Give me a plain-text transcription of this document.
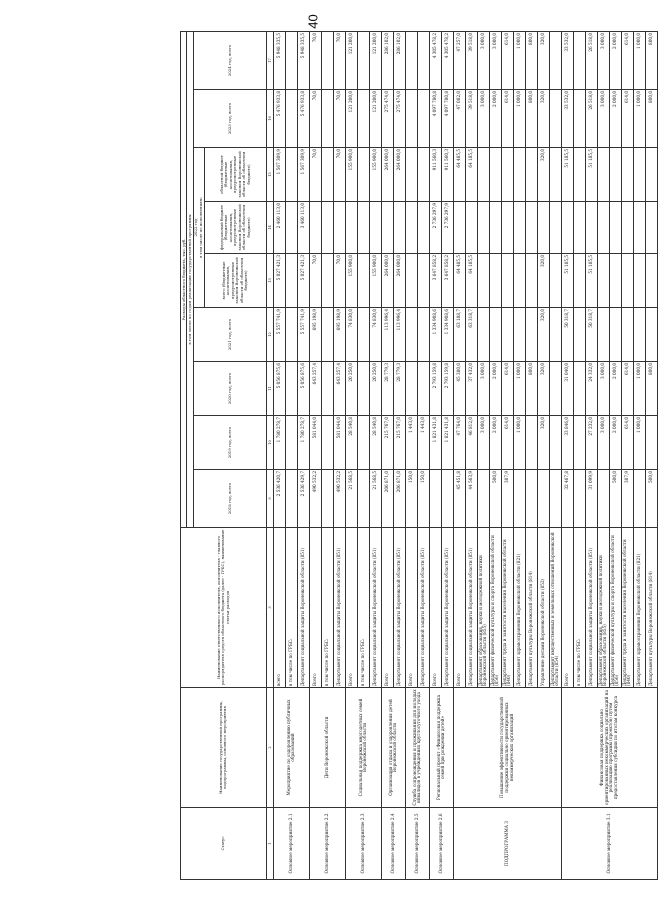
40
Статус	Наименование государственной программы, подпрограммы, основного мероприятия	Наименование ответственного исполнителя, исполнителя - главного распорядителя средств областного бюджета (далее - ГРБС), наименование статьи расходов	Расходы областного бюджета, тыс. руб.								
			в том числе по годам реализации государственной программы								
			2018 год, всего	2019 год, всего	2020 год, всего	2021 год, всего	2022 год в том числе по исполнениям:			2023 год, всего	2024 год, всего
							всего (бюджетные ассигнования, предусмотренные законом Воронежской области об областном бюджете)	федеральный бюджет (бюджетные ассигнования, предусмотренные законом Воронежской области об областном бюджете)	областной бюджет (бюджетные ассигнования, предусмотренные законом Воронежской области об областном бюджете)		
1	2	3	9	10	11	12	13	14	15	16	17
Основное мероприятие 2.1	Мероприятие по оздоровлению публичных образований	всего	2 536 420,7	1 780 278,7	5 056 875,6	5 557 741,9	5 027 421,3	2 460 113,0	1 567 309,9	5 476 933,8	5 948 335,5
		в том числе по ГРБС:									
		Департамент социальной защиты Воронежской области (851)	2 536 429,7	1 780 278,7	5 056 875,6	5 557 741,9	5 027 421,3	3 460 113,0	1 567 309,9	5 476 933,8	5 948 335,5
Основное мероприятие 2.2	Дети Воронежской области	Всего	490 532,2	581 044,0	643 257,4	695 198,9	70,0		70,0	70,0	70,0
		в том числе по ГРБС:									
		Департамент социальной защиты Воронежской области (851)	490 532,2	581 044,0	643 257,4	695 198,9	70,0		70,0	70,0	70,0
Основное мероприятие 2.3	Социальная поддержка многодетных семей Воронежской области	Всего	21 568,5	28 540,8	20 250,0	74 830,0	155 900,0		155 900,0	121 200,0	121 200,0
		в том числе по ГРБС:									
		Департамент социальной защиты Воронежской области (851)	21 568,5	28 540,8	20 250,0	74 830,0	155 900,0		155 900,0	121 200,0	121 200,0
Основное мероприятие 2.4	Организация отдыха и оздоровления детей Воронежской области	Всего	206 871,0	215 767,0	28 779,3	113 996,4	264 000,0		264 000,0	275 474,0	286 102,0
		Департамент социальной защиты Воронежской области (851)	206 871,0	215 767,0	28 779,3	113 996,4	264 000,0		264 000,0	275 474,0	286 102,0
Основное мероприятие 2.5	Служба сопровождения и проживания для молодых инвалидов в учреждениях круглосуточного ухода	Всего	150,0	1 443,0							
		Департамент социальной защиты Воронежской области (851)	150,0	1 443,0							
Основное мероприятие 2.6	Региональный проект «Финансовая поддержка семей при рождении детей»	Всего		1 821 431,8	2 793 159,8	1 334 908,6	3 647 858,2	2 736 297,9	911 560,3	4 097 780,8	4 305 478,2
		Департамент социальной защиты Воронежской области (851)		1 821 431,8	2 793 159,8	1 334 908,6	3 647 858,2	2 736 297,9	911 560,3	4 097 780,8	4 305 478,2
ПОДПРОГРАММА 3	Повышение эффективности государственной поддержки социально ориентированных некоммерческих организаций	Всего	45 451,8	47 764,0	45 380,0	63 188,7	64 485,5		64 485,5	47 082,0	47 257,0
		Департамент социальной защиты Воронежской области (851)	44 563,9	46 812,0	37 432,0	63 318,7	64 185,5		64 185,5	39 518,0	39 518,0
		Департамент образования, науки и молодежной политики Воронежской области (855)		3 000,0	3 000,0					3 000,0	3 000,0
		Департамент физической культуры и спорта Воронежской области (856)	500,0	2 000,0	2 000,0					2 000,0	3 000,0
		Департамент труда и занятости населения Воронежской области (840)	387,9	614,0	614,0					614,0	614,0
		Департамент здравоохранения Воронежской области (821)		1 000,0	1 000,0					1 000,0	1 000,0
		Департамент культуры Воронежской области (814)			800,0					800,0	800,0
		Управление делами Воронежской области (852)		320,0	320,0	320,0	320,0		320,0	320,0	320,0
		Департамент имущественных и земельных отношений Воронежской области (854)									
Основное мероприятие 3.1	Финансовая поддержка социально ориентированных некоммерческих организаций на реализацию программ (проектов) путем предоставления субсидии по итогам конкурса	Всего	32 467,8	33 846,0	31 040,0	50 318,7	51 185,5		51 185,5	33 532,0	33 532,0
		в том числе по ГРБС:									
		Департамент социальной защиты Воронежской области (851)	31 099,9	27 232,0	24 332,0	50 318,7	51 185,5		51 185,5	26 518,0	26 518,0
		Департамент образования, науки и молодежной политики Воронежской области (855)		3 000,0	3 000,0					3 000,0	3 000,0
		Департамент физической культуры и спорта Воронежской области (856)	500,0	2 000,0	2 000,0					2 000,0	2 000,0
		Департамент труда и занятости населения Воронежской области (840)	387,9	614,0	614,0					614,0	614,0
		Департамент здравоохранения Воронежской области (821)		1 000,0	1 000,0					1 000,0	1 000,0
		Департамент культуры Воронежской области (814)	500,0		800,0					800,0	800,0
